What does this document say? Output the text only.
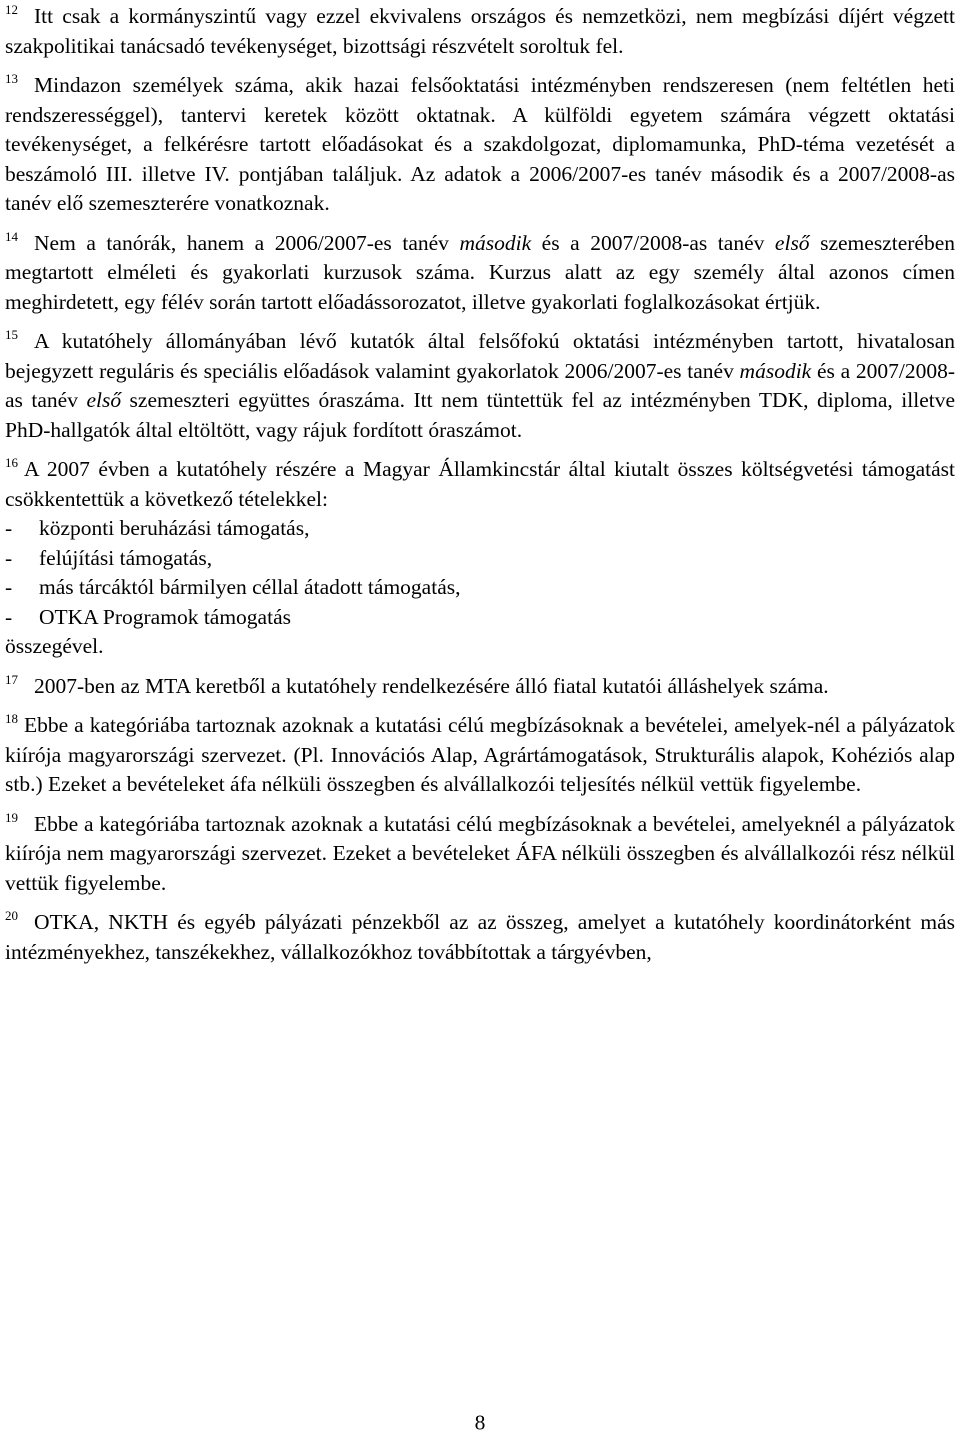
$^{12}$ Itt csak a kormányszintű vagy ezzel ekvivalens országos és nemzetközi, nem megbízási díjért végzett szakpolitikai tanácsadó tevékenységet, bizottsági részvételt soroltuk fel.

$^{13}$ Mindazon személyek száma, akik hazai felsőoktatási intézményben rendszeresen (nem feltétlen heti rendszerességgel), tantervi keretek között oktatnak. A külföldi egyetem számára végzett oktatási tevékenységet, a felkérésre tartott előadásokat és a szakdolgozat, diplomamunka, PhD-téma vezetését a beszámoló III. illetve IV. pontjában találjuk. Az adatok a 2006/2007-es tanév második és a 2007/2008-as tanév elő szemeszterére vonatkoznak.

$^{14}$ Nem a tanórák, hanem a 2006/2007-es tanév második és a 2007/2008-as tanév első szemeszterében megtartott elméleti és gyakorlati kurzusok száma. Kurzus alatt az egy személy által azonos címen meghirdetett, egy félév során tartott előadássorozatot, illetve gyakorlati foglalkozásokat értjük.

$^{15}$ A kutatóhely állományában lévő kutatók által felsőfokú oktatási intézményben tartott, hivatalosan bejegyzett reguláris és speciális előadások valamint gyakorlatok 2006/2007-es tanév második és a 2007/2008-as tanév első szemeszteri együttes óraszáma. Itt nem tüntettük fel az intézményben TDK, diploma, illetve PhD-hallgatók által eltöltött, vagy rájuk fordított óraszámot.

$^{16}$ A 2007 évben a kutatóhely részére a Magyar Államkincstár által kiutalt összes költségvetési támogatást csökkentettük a következő tételekkel:
- központi beruházási támogatás,
- felújítási támogatás,
- más tárcáktól bármilyen céllal átadott támogatás,
- OTKA Programok támogatás
összegével.

$^{17}$ 2007-ben az MTA keretből a kutatóhely rendelkezésére álló fiatal kutatói álláshelyek száma.

$^{18}$ Ebbe a kategóriába tartoznak azoknak a kutatási célú megbízásoknak a bevételei, amelyek-nél a pályázatok kiírója magyarországi szervezet. (Pl. Innovációs Alap, Agrártámogatások, Strukturális alapok, Kohéziós alap stb.) Ezeket a bevételeket áfa nélküli összegben és alvállalkozói teljesítés nélkül vettük figyelembe.

$^{19}$ Ebbe a kategóriába tartoznak azoknak a kutatási célú megbízásoknak a bevételei, amelyeknél a pályázatok kiírója nem magyarországi szervezet. Ezeket a bevételeket ÁFA nélküli összegben és alvállalkozói rész nélkül vettük figyelembe.

$^{20}$ OTKA, NKTH és egyéb pályázati pénzekből az az összeg, amelyet a kutatóhely koordinátorként más intézményekhez, tanszékekhez, vállalkozókhoz továbbítottak a tárgyévben,

8
